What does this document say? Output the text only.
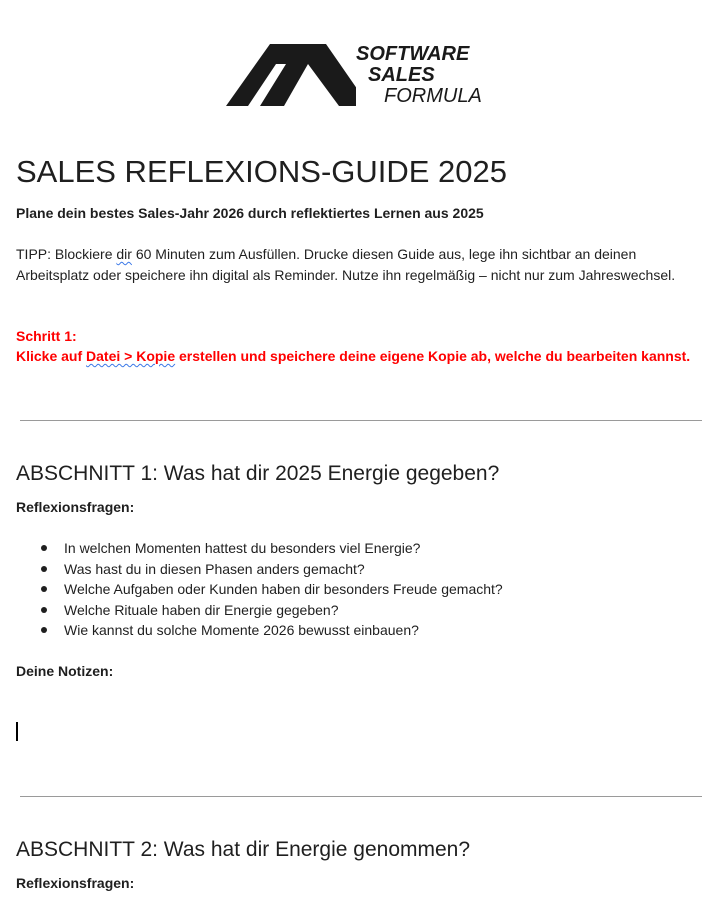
SOFTWARE
SALES
FORMULA
SALES REFLEXIONS-GUIDE 2025

Plane dein bestes Sales-Jahr 2026 durch reflektiertes Lernen aus 2025

TIPP: Blockiere dir 60 Minuten zum Ausfüllen. Drucke diesen Guide aus, lege ihn sichtbar an deinen Arbeitsplatz oder speichere ihn digital als Reminder. Nutze ihn regelmäßig – nicht nur zum Jahreswechsel.

Schritt 1:
Klicke auf Datei > Kopie erstellen und speichere deine eigene Kopie ab, welche du bearbeiten kannst.
ABSCHNITT 1: Was hat dir 2025 Energie gegeben?

Reflexionsfragen:

In welchen Momenten hattest du besonders viel Energie?
Was hast du in diesen Phasen anders gemacht?
Welche Aufgaben oder Kunden haben dir besonders Freude gemacht?
Welche Rituale haben dir Energie gegeben?
Wie kannst du solche Momente 2026 bewusst einbauen?

Deine Notizen:

ABSCHNITT 2: Was hat dir Energie genommen?

Reflexionsfragen:
